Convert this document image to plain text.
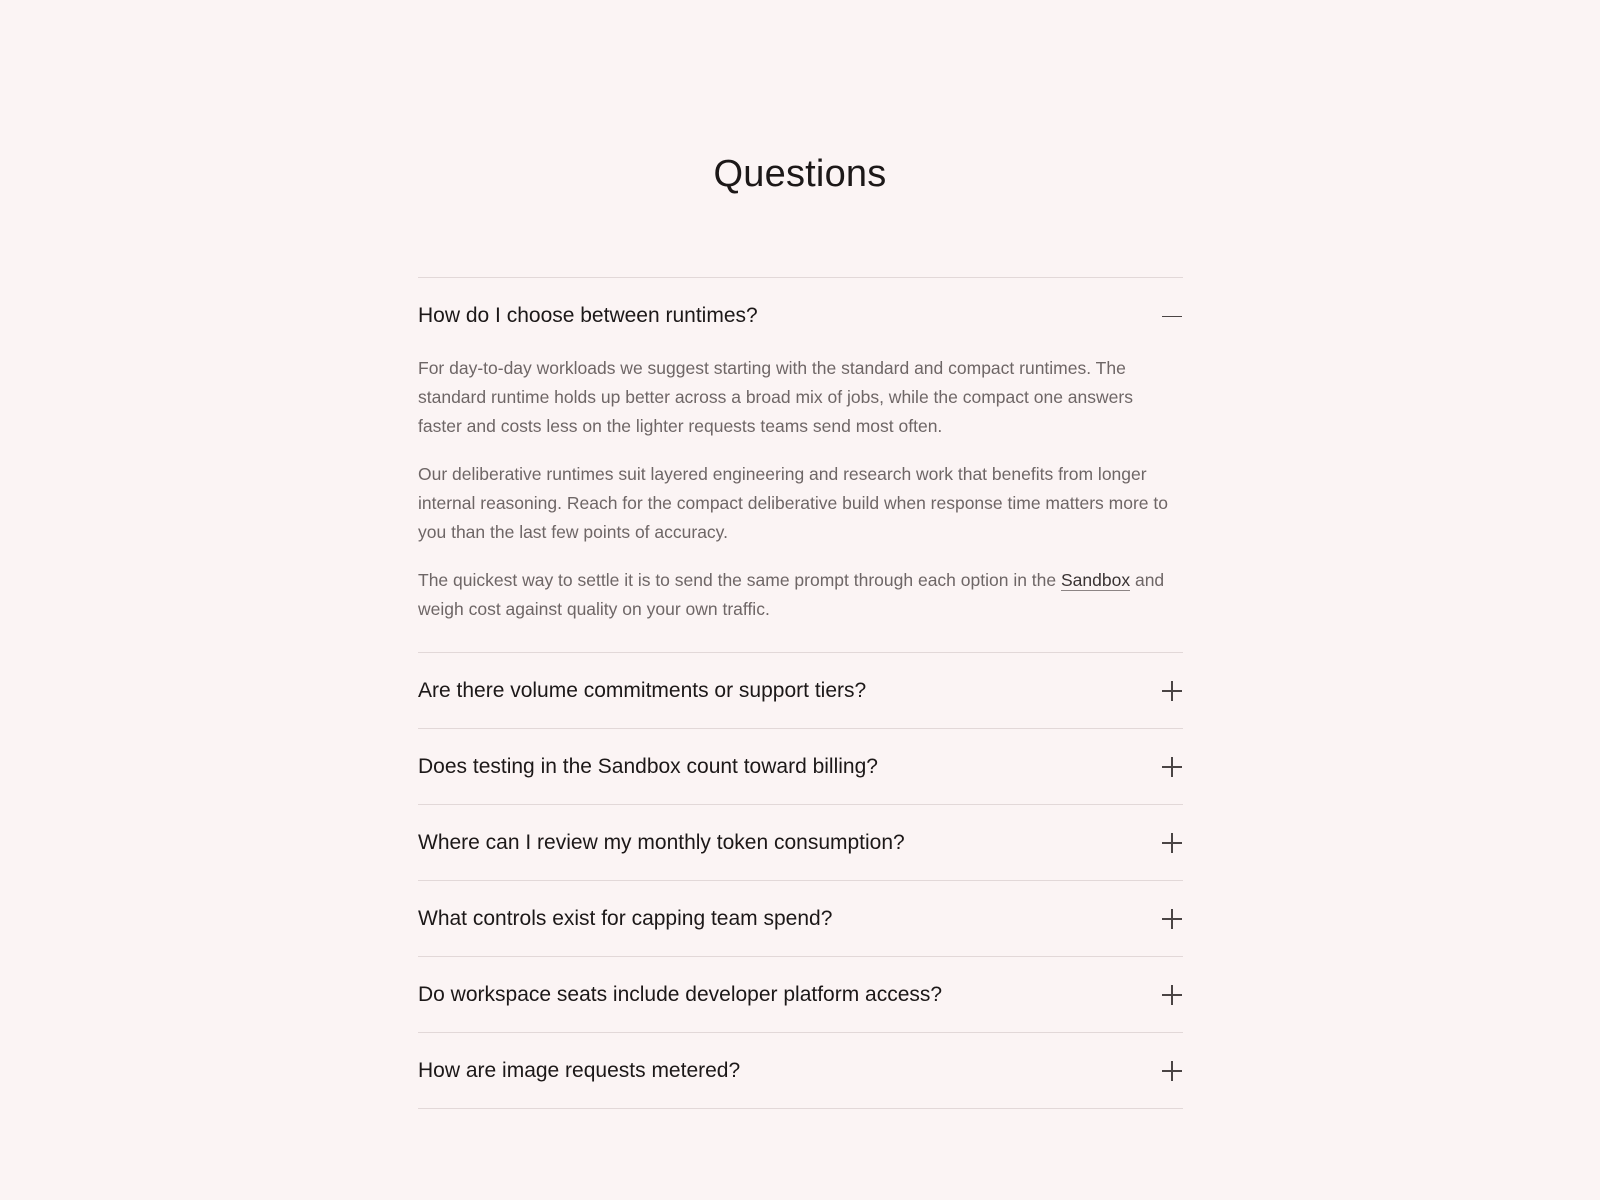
Questions
How do I choose between runtimes?

For day-to-day workloads we suggest starting with the standard and compact runtimes. The standard runtime holds up better across a broad mix of jobs, while the compact one answers faster and costs less on the lighter requests teams send most often.

Our deliberative runtimes suit layered engineering and research work that benefits from longer internal reasoning. Reach for the compact deliberative build when response time matters more to you than the last few points of accuracy.

The quickest way to settle it is to send the same prompt through each option in the Sandbox and weigh cost against quality on your own traffic.

Are there volume commitments or support tiers?
Does testing in the Sandbox count toward billing?
Where can I review my monthly token consumption?
What controls exist for capping team spend?
Do workspace seats include developer platform access?
How are image requests metered?
